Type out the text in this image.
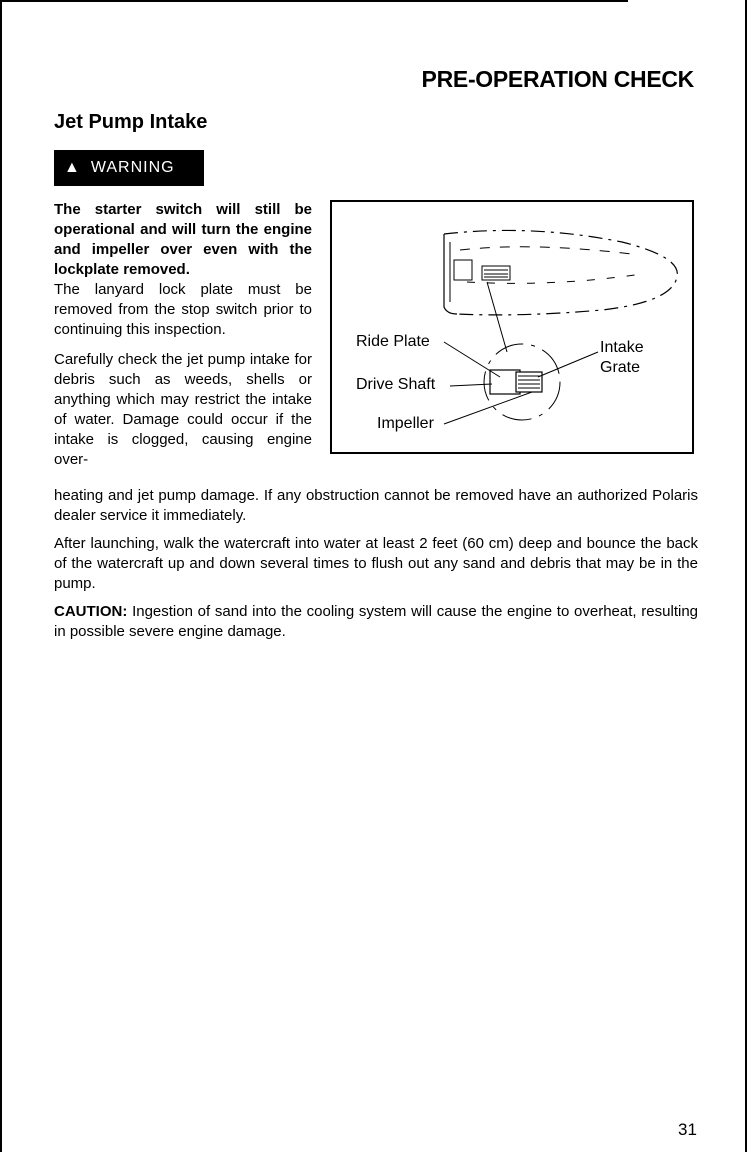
PRE-OPERATION CHECK
Jet Pump Intake
▲ WARNING

The starter switch will still be operational and will turn the engine and impeller over even with the lockplate removed.

The lanyard lock plate must be removed from the stop switch prior to continuing this inspection.

Carefully check the jet pump intake for debris such as weeds, shells or anything which may restrict the intake of water. Damage could occur if the intake is clogged, causing engine over-

Ride Plate
Drive Shaft
Impeller
Intake
Grate

heating and jet pump damage. If any obstruction cannot be removed have an authorized Polaris dealer service it immediately.

After launching, walk the watercraft into water at least 2 feet (60 cm) deep and bounce the back of the watercraft up and down several times to flush out any sand and debris that may be in the pump.

CAUTION: Ingestion of sand into the cooling system will cause the engine to overheat, resulting in possible severe engine damage.

31
